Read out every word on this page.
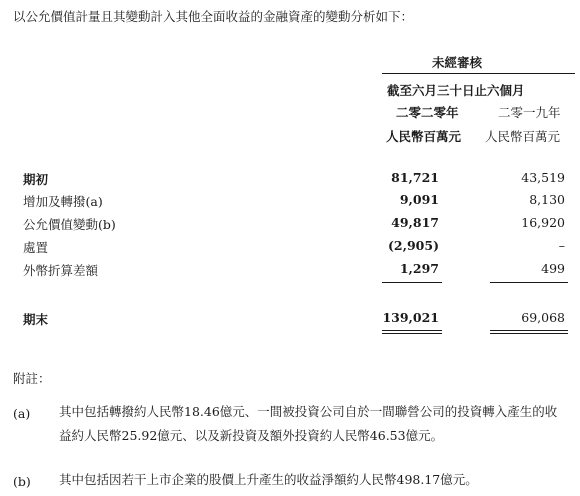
以公允價值計量且其變動計入其他全面收益的金融資產的變動分析如下：
未經審核
截至六月三十日止六個月
二零二零年	二零一九年
人民幣百萬元 人民幣百萬元
期初	81,721	43,519
增加及轉撥(a)	9,091	8,130
公允價值變動(b)	49,817	16,920
處置	(2,905)	–
外幣折算差額	1,297	499
期末	139,021	69,068
附註：
(a) 其中包括轉撥約人民幣18.46億元、一間被投資公司自於一間聯營公司的投資轉入產生的收益約人民幣25.92億元、以及新投資及額外投資約人民幣46.53億元。
(b) 其中包括因若干上市企業的股價上升產生的收益淨額約人民幣498.17億元。
